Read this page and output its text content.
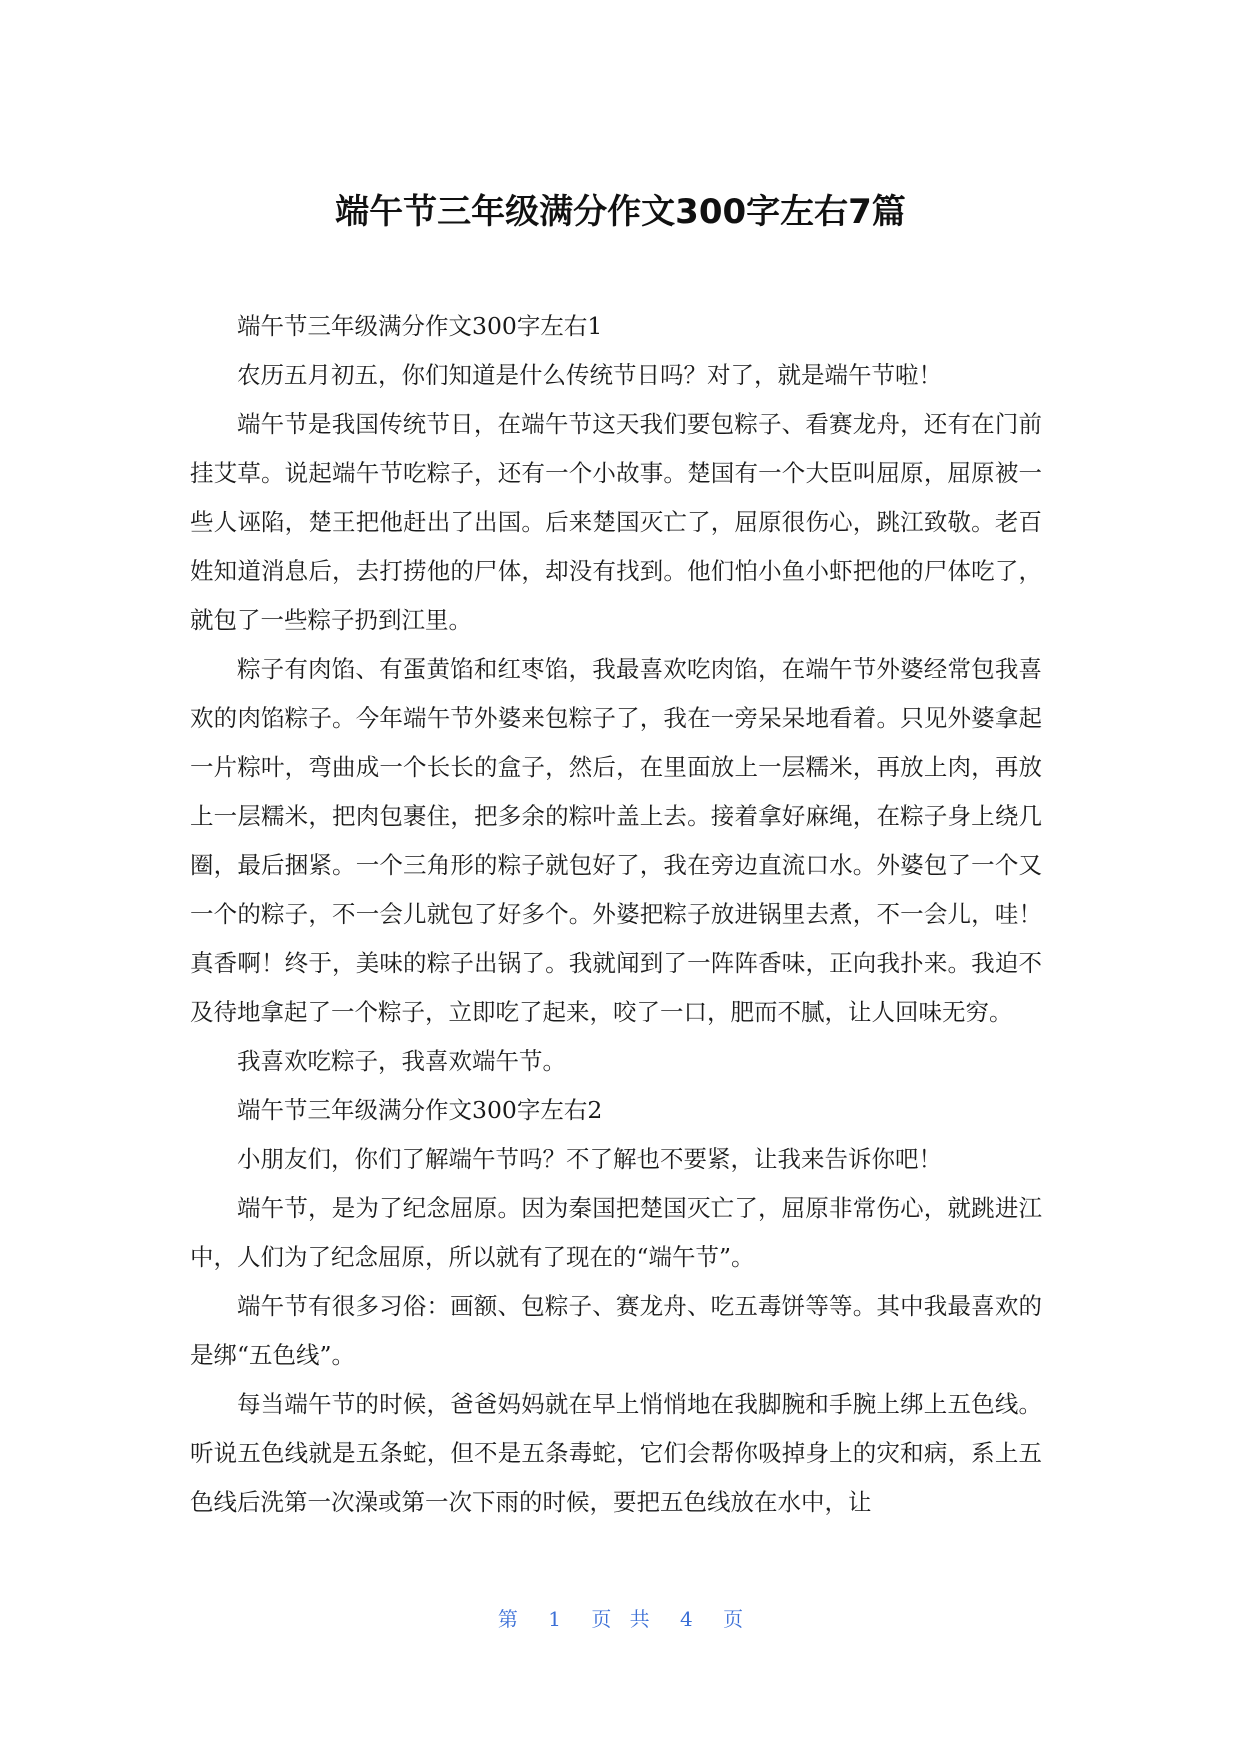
端午节三年级满分作文300字左右7篇

端午节三年级满分作文300字左右1

农历五月初五，你们知道是什么传统节日吗？对了，就是端午节啦！

端午节是我国传统节日，在端午节这天我们要包粽子、看赛龙舟，还有在门前挂艾草。说起端午节吃粽子，还有一个小故事。楚国有一个大臣叫屈原，屈原被一些人诬陷，楚王把他赶出了出国。后来楚国灭亡了，屈原很伤心，跳江致敬。老百姓知道消息后，去打捞他的尸体，却没有找到。他们怕小鱼小虾把他的尸体吃了，就包了一些粽子扔到江里。

粽子有肉馅、有蛋黄馅和红枣馅，我最喜欢吃肉馅，在端午节外婆经常包我喜欢的肉馅粽子。今年端午节外婆来包粽子了，我在一旁呆呆地看着。只见外婆拿起一片粽叶，弯曲成一个长长的盒子，然后，在里面放上一层糯米，再放上肉，再放上一层糯米，把肉包裹住，把多余的粽叶盖上去。接着拿好麻绳，在粽子身上绕几圈，最后捆紧。一个三角形的粽子就包好了，我在旁边直流口水。外婆包了一个又一个的粽子，不一会儿就包了好多个。外婆把粽子放进锅里去煮，不一会儿，哇！真香啊！终于，美味的粽子出锅了。我就闻到了一阵阵香味，正向我扑来。我迫不及待地拿起了一个粽子，立即吃了起来，咬了一口，肥而不腻，让人回味无穷。

我喜欢吃粽子，我喜欢端午节。

端午节三年级满分作文300字左右2

小朋友们，你们了解端午节吗？不了解也不要紧，让我来告诉你吧！

端午节，是为了纪念屈原。因为秦国把楚国灭亡了，屈原非常伤心，就跳进江中，人们为了纪念屈原，所以就有了现在的“端午节”。

端午节有很多习俗：画额、包粽子、赛龙舟、吃五毒饼等等。其中我最喜欢的是绑“五色线”。

每当端午节的时候，爸爸妈妈就在早上悄悄地在我脚腕和手腕上绑上五色线。听说五色线就是五条蛇，但不是五条毒蛇，它们会帮你吸掉身上的灾和病，系上五色线后洗第一次澡或第一次下雨的时候，要把五色线放在水中，让

第 1 页 共 4 页
